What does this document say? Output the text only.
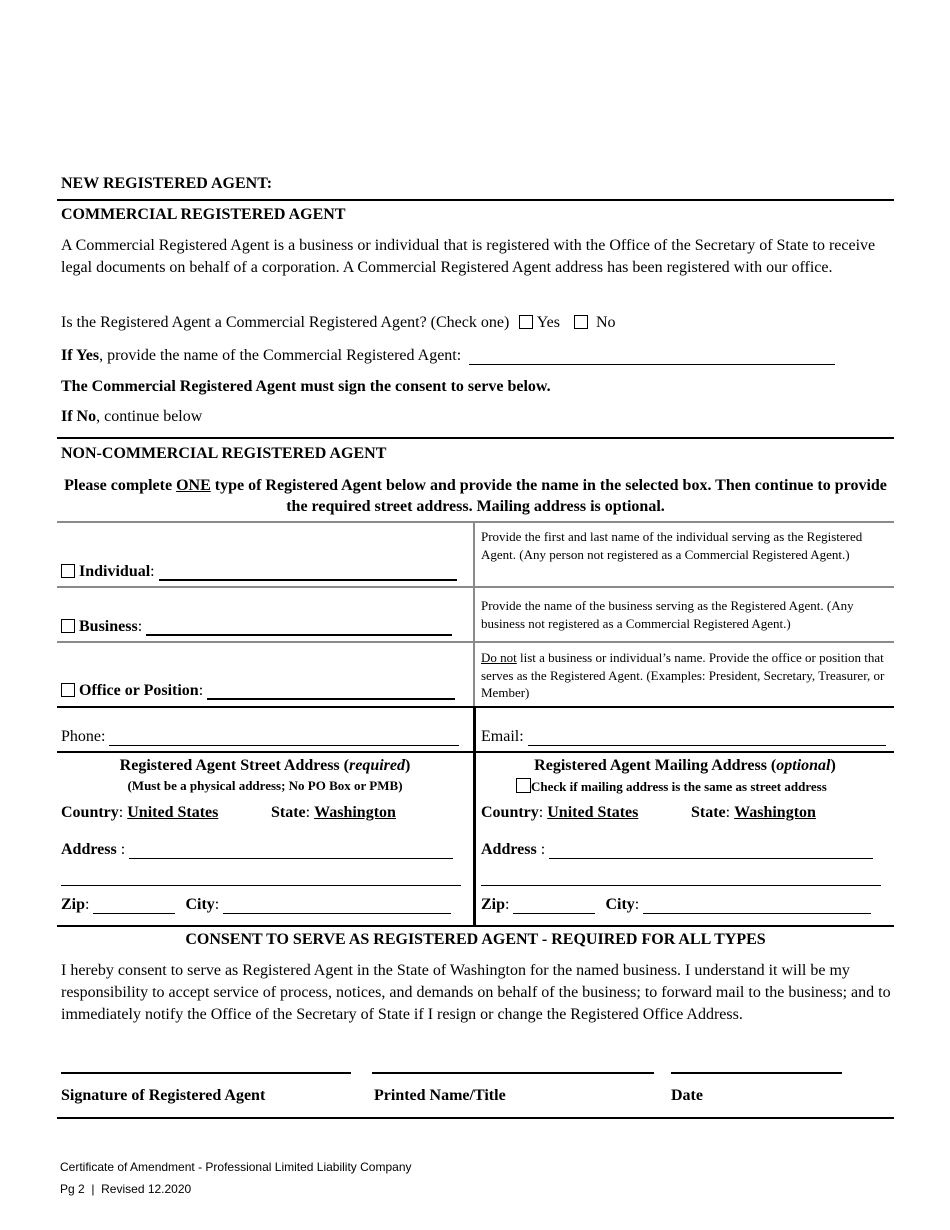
NEW REGISTERED AGENT:
COMMERCIAL REGISTERED AGENT
A Commercial Registered Agent is a business or individual that is registered with the Office of the Secretary of State to receive legal documents on behalf of a corporation. A Commercial Registered Agent address has been registered with our office.
Is the Registered Agent a Commercial Registered Agent? (Check one) Yes No
If Yes, provide the name of the Commercial Registered Agent:
The Commercial Registered Agent must sign the consent to serve below.
If No, continue below
NON-COMMERCIAL REGISTERED AGENT
Please complete ONE type of Registered Agent below and provide the name in the selected box. Then continue to provide the required street address. Mailing address is optional.
Individual:
Provide the first and last name of the individual serving as the Registered Agent. (Any person not registered as a Commercial Registered Agent.)
Business:
Provide the name of the business serving as the Registered Agent. (Any business not registered as a Commercial Registered Agent.)
Office or Position:
Do not list a business or individual’s name. Provide the office or position that serves as the Registered Agent. (Examples: President, Secretary, Treasurer, or Member)
Phone:	Email:
Registered Agent Street Address (required)
(Must be a physical address; No PO Box or PMB)
Country: United States	State: Washington
Address :
Zip:	City:
Registered Agent Mailing Address (optional)
Check if mailing address is the same as street address
Country: United States	State: Washington
Address :
Zip:	City:
CONSENT TO SERVE AS REGISTERED AGENT - REQUIRED FOR ALL TYPES
I hereby consent to serve as Registered Agent in the State of Washington for the named business. I understand it will be my responsibility to accept service of process, notices, and demands on behalf of the business; to forward mail to the business; and to immediately notify the Office of the Secretary of State if I resign or change the Registered Office Address.
Signature of Registered Agent	Printed Name/Title	Date
Certificate of Amendment - Professional Limited Liability Company
Pg 2  |  Revised 12.2020
